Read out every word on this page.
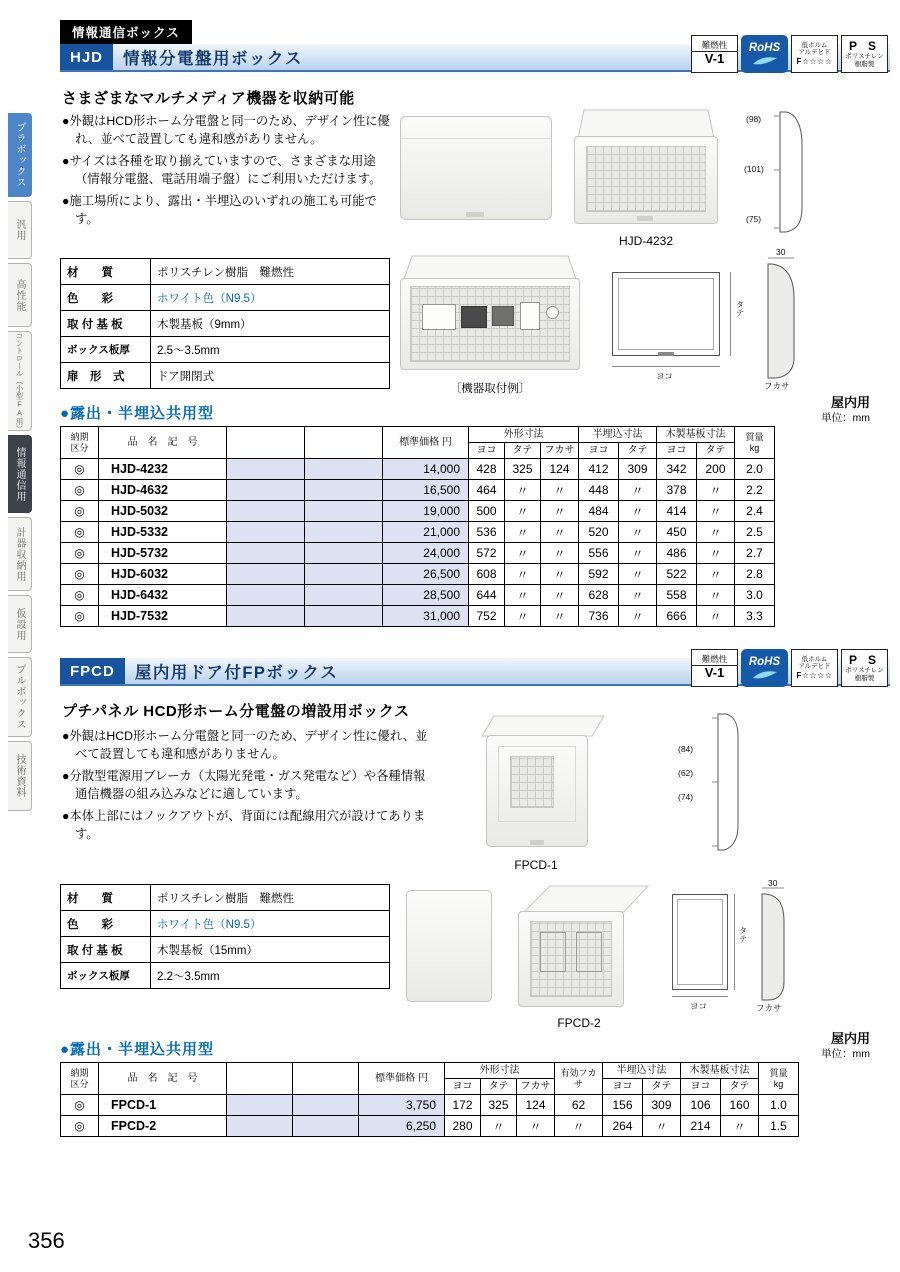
情報通信ボックス
プラボックス
汎用
高性能
コントロール（小型FA用）
情報通信用
計器収納用
仮設用
プルボックス
技術資料
HJD	情報分電盤用ボックス
難燃性
V-1
RoHS	低ホルム
アルデヒド
F☆☆☆☆
P S
ポリスチレン
樹脂製
さまざまなマルチメディア機器を収納可能
●外観はHCD形ホーム分電盤と同一のため、デザイン性に優れ、並べて設置しても違和感がありません。
●サイズは各種を取り揃えていますので、さまざまな用途（情報分電盤、電話用端子盤）にご利用いただけます。
●施工場所により、露出・半埋込のいずれの施工も可能です。
(98)
(101)
(75)
HJD-4232
〔機器取付例〕
ヨコ
タテ
30
フカサ
材　　質	ポリスチレン樹脂　難燃性
色　　彩	ホワイト色（N9.5）
取 付 基 板	木製基板（9mm）
ボックス板厚	2.5〜3.5mm
扉　形　式	ドア開閉式
●露出・半埋込共用型
屋内用
単位：mm
納期
区分	品　名　記　号			標準価格 円	外形寸法			半埋込寸法		木製基板寸法		質量
kg

					ヨコ	タテ	フカサ	ヨコ	タテ	ヨコ	タテ	
◎	HJD-4232			14,000	428	325	124	412	309	342	200	2.0
◎	HJD-4632			16,500	464	〃	〃	448	〃	378	〃	2.2
◎	HJD-5032			19,000	500	〃	〃	484	〃	414	〃	2.4
◎	HJD-5332			21,000	536	〃	〃	520	〃	450	〃	2.5
◎	HJD-5732			24,000	572	〃	〃	556	〃	486	〃	2.7
◎	HJD-6032			26,500	608	〃	〃	592	〃	522	〃	2.8
◎	HJD-6432			28,500	644	〃	〃	628	〃	558	〃	3.0
◎	HJD-7532			31,000	752	〃	〃	736	〃	666	〃	3.3
FPCD	屋内用ドア付FPボックス
難燃性
V-1
RoHS	低ホルム
アルデヒド
F☆☆☆☆
P S
ポリスチレン
樹脂製
プチパネル HCD形ホーム分電盤の増設用ボックス
●外観はHCD形ホーム分電盤と同一のため、デザイン性に優れ、並べて設置しても違和感がありません。
●分散型電源用ブレーカ（太陽光発電・ガス発電など）や各種情報通信機器の組み込みなどに適しています。
●本体上部にはノックアウトが、背面には配線用穴が設けてあります。
(84)
(62)
(74)
FPCD-1
材　　質	ポリスチレン樹脂　難燃性
色　　彩	ホワイト色（N9.5）
取 付 基 板	木製基板（15mm）
ボックス板厚	2.2〜3.5mm
FPCD-2
ヨコ
タテ
30
フカサ
●露出・半埋込共用型
屋内用
単位：mm
納期
区分	品　名　記　号			標準価格 円	外形寸法			有効フカサ	半埋込寸法		木製基板寸法		質量
kg

					ヨコ	タテ	フカサ		ヨコ	タテ	ヨコ	タテ	
◎	FPCD-1			3,750	172	325	124	62	156	309	106	160	1.0
◎	FPCD-2			6,250	280	〃	〃	〃	264	〃	214	〃	1.5
356
